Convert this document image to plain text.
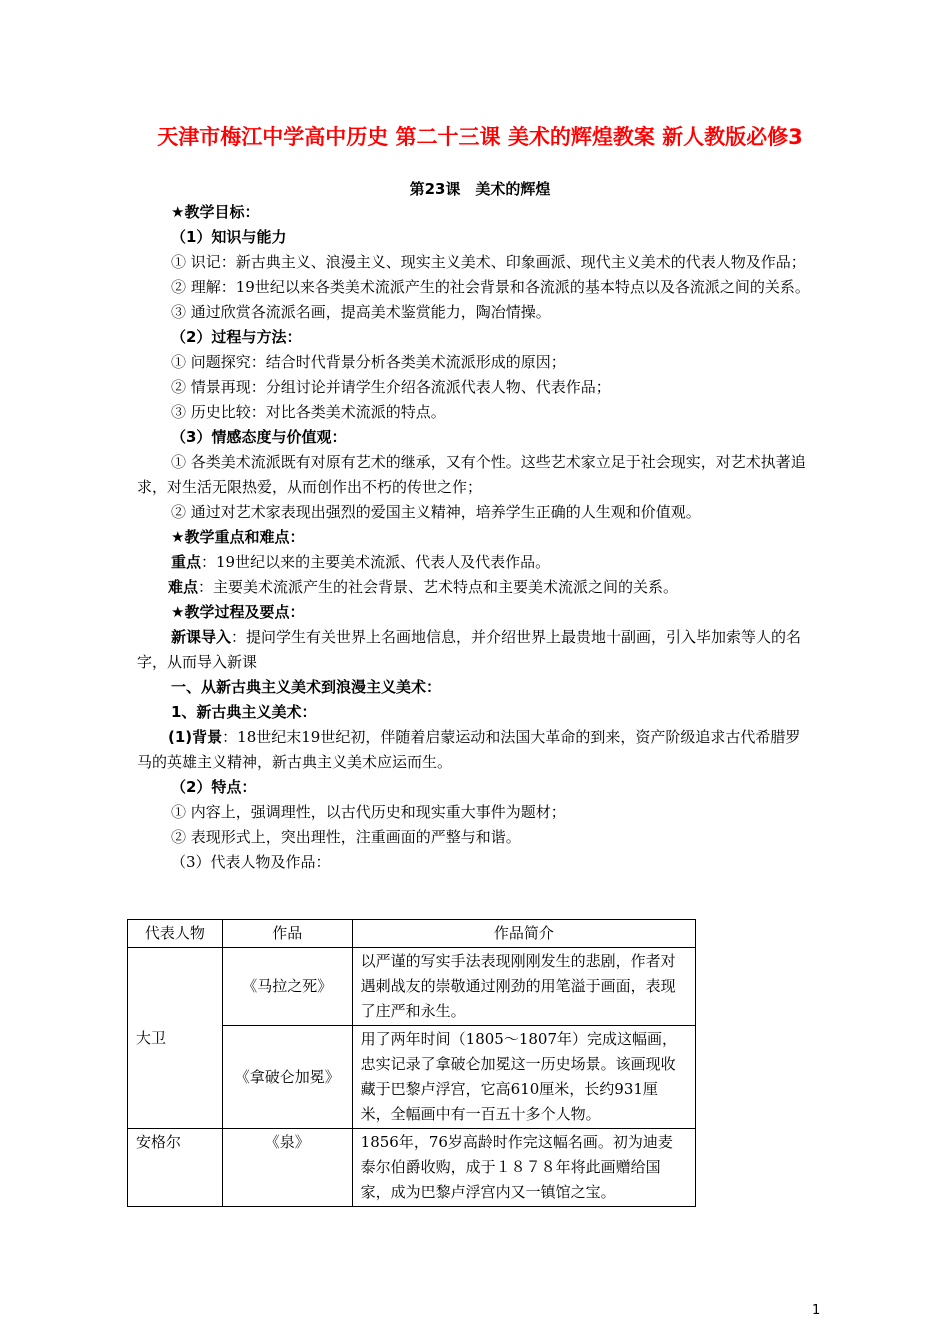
天津市梅江中学高中历史 第二十三课 美术的辉煌教案 新人教版必修3
第23课　美术的辉煌

★教学目标：

（1）知识与能力

① 识记：新古典主义、浪漫主义、现实主义美术、印象画派、现代主义美术的代表人物及作品；

② 理解：19世纪以来各类美术流派产生的社会背景和各流派的基本特点以及各流派之间的关系。

③ 通过欣赏各流派名画，提高美术鉴赏能力，陶冶情操。

（2）过程与方法：

① 问题探究：结合时代背景分析各类美术流派形成的原因；

② 情景再现：分组讨论并请学生介绍各流派代表人物、代表作品；

③ 历史比较：对比各类美术流派的特点。

（3）情感态度与价值观：

① 各类美术流派既有对原有艺术的继承，又有个性。这些艺术家立足于社会现实，对艺术执著追求，对生活无限热爱，从而创作出不朽的传世之作；

② 通过对艺术家表现出强烈的爱国主义精神，培养学生正确的人生观和价值观。

★教学重点和难点：

重点：19世纪以来的主要美术流派、代表人及代表作品。

难点：主要美术流派产生的社会背景、艺术特点和主要美术流派之间的关系。

★教学过程及要点：

新课导入：提问学生有关世界上名画地信息，并介绍世界上最贵地十副画，引入毕加索等人的名字，从而导入新课

一、从新古典主义美术到浪漫主义美术：

1、新古典主义美术：

(1)背景：18世纪末19世纪初，伴随着启蒙运动和法国大革命的到来，资产阶级追求古代希腊罗马的英雄主义精神，新古典主义美术应运而生。

（2）特点：

① 内容上，强调理性，以古代历史和现实重大事件为题材；

② 表现形式上，突出理性，注重画面的严整与和谐。

（3）代表人物及作品：

代表人物	作品	作品简介
大卫	《马拉之死》	以严谨的写实手法表现刚刚发生的悲剧，作者对遇刺战友的崇敬通过刚劲的用笔溢于画面，表现了庄严和永生。
	《拿破仑加冕》	用了两年时间（1805～1807年）完成这幅画，忠实记录了拿破仑加冕这一历史场景。该画现收藏于巴黎卢浮宫，它高610厘米，长约931厘米，全幅画中有一百五十多个人物。
安格尔	《泉》	1856年，76岁高龄时作完这幅名画。初为迪麦泰尔伯爵收购，成于１８７８年将此画赠给国家，成为巴黎卢浮宫内又一镇馆之宝。
1
